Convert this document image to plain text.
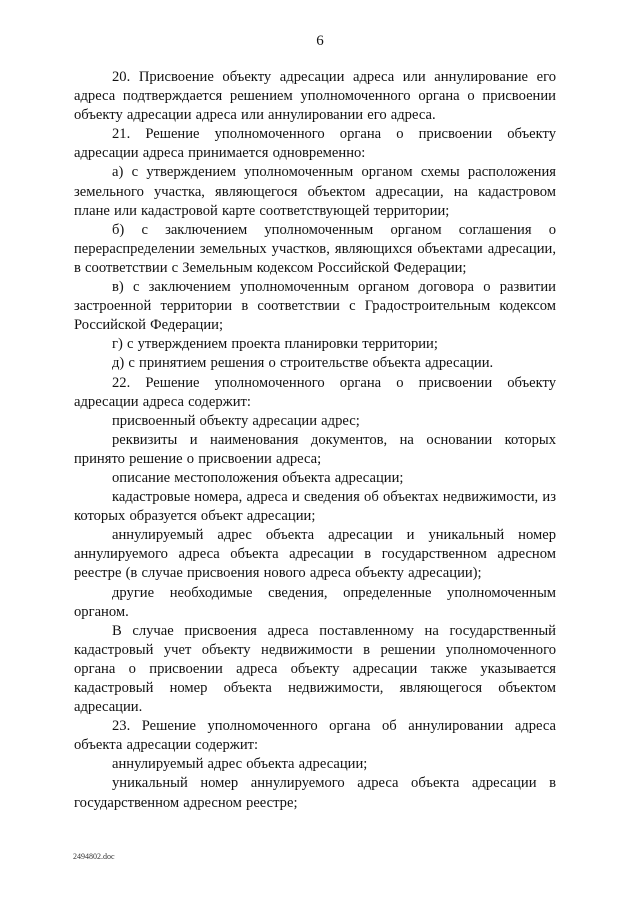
6

20. Присвоение объекту адресации адреса или аннулирование его адреса подтверждается решением уполномоченного органа о присвоении объекту адресации адреса или аннулировании его адреса.

21. Решение уполномоченного органа о присвоении объекту адресации адреса принимается одновременно:

а) с утверждением уполномоченным органом схемы расположения земельного участка, являющегося объектом адресации, на кадастровом плане или кадастровой карте соответствующей территории;

б) с заключением уполномоченным органом соглашения о перераспределении земельных участков, являющихся объектами адресации, в соответствии с Земельным кодексом Российской Федерации;

в) с заключением уполномоченным органом договора о развитии застроенной территории в соответствии с Градостроительным кодексом Российской Федерации;

г) с утверждением проекта планировки территории;

д) с принятием решения о строительстве объекта адресации.

22. Решение уполномоченного органа о присвоении объекту адресации адреса содержит:

присвоенный объекту адресации адрес;

реквизиты и наименования документов, на основании которых принято решение о присвоении адреса;

описание местоположения объекта адресации;

кадастровые номера, адреса и сведения об объектах недвижимости, из которых образуется объект адресации;

аннулируемый адрес объекта адресации и уникальный номер аннулируемого адреса объекта адресации в государственном адресном реестре (в случае присвоения нового адреса объекту адресации);

другие необходимые сведения, определенные уполномоченным органом.

В случае присвоения адреса поставленному на государственный кадастровый учет объекту недвижимости в решении уполномоченного органа о присвоении адреса объекту адресации также указывается кадастровый номер объекта недвижимости, являющегося объектом адресации.

23. Решение уполномоченного органа об аннулировании адреса объекта адресации содержит:

аннулируемый адрес объекта адресации;

уникальный номер аннулируемого адреса объекта адресации в государственном адресном реестре;

2494802.doc
